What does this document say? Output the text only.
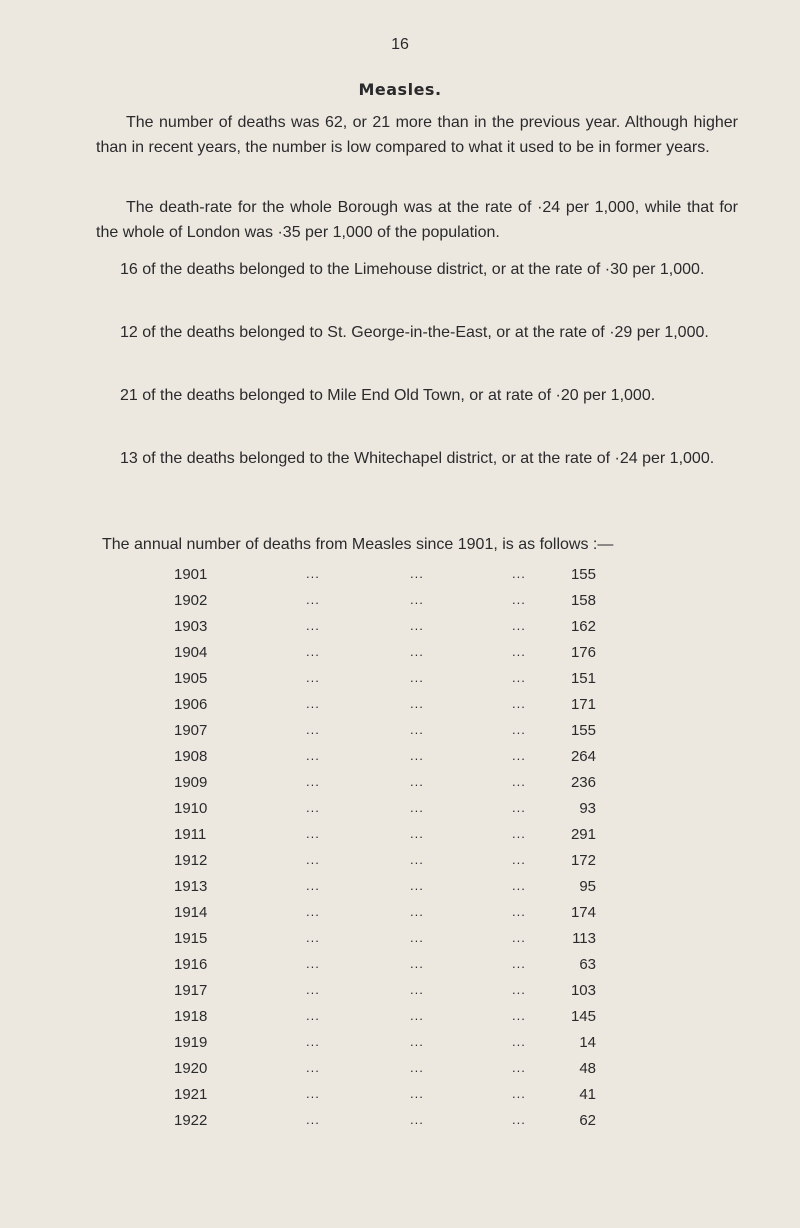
16
Measles.
The number of deaths was 62, or 21 more than in the previous year. Although higher than in recent years, the number is low compared to what it used to be in former years.
The death-rate for the whole Borough was at the rate of ·24 per 1,000, while that for the whole of London was ·35 per 1,000 of the population.
16 of the deaths belonged to the Limehouse district, or at the rate of ·30 per 1,000.
12 of the deaths belonged to St. George-in-the-East, or at the rate of ·29 per 1,000.
21 of the deaths belonged to Mile End Old Town, or at rate of ·20 per 1,000.
13 of the deaths belonged to the Whitechapel district, or at the rate of ·24 per 1,000.
The annual number of deaths from Measles since 1901, is as follows :—
1901	...	...	...	155
1902	...	...	...	158
1903	...	...	...	162
1904	...	...	...	176
1905	...	...	...	151
1906	...	...	...	171
1907	...	...	...	155
1908	...	...	...	264
1909	...	...	...	236
1910	...	...	...	93
1911	...	...	...	291
1912	...	...	...	172
1913	...	...	...	95
1914	...	...	...	174
1915	...	...	...	113
1916	...	...	...	63
1917	...	...	...	103
1918	...	...	...	145
1919	...	...	...	14
1920	...	...	...	48
1921	...	...	...	41
1922	...	...	...	62
